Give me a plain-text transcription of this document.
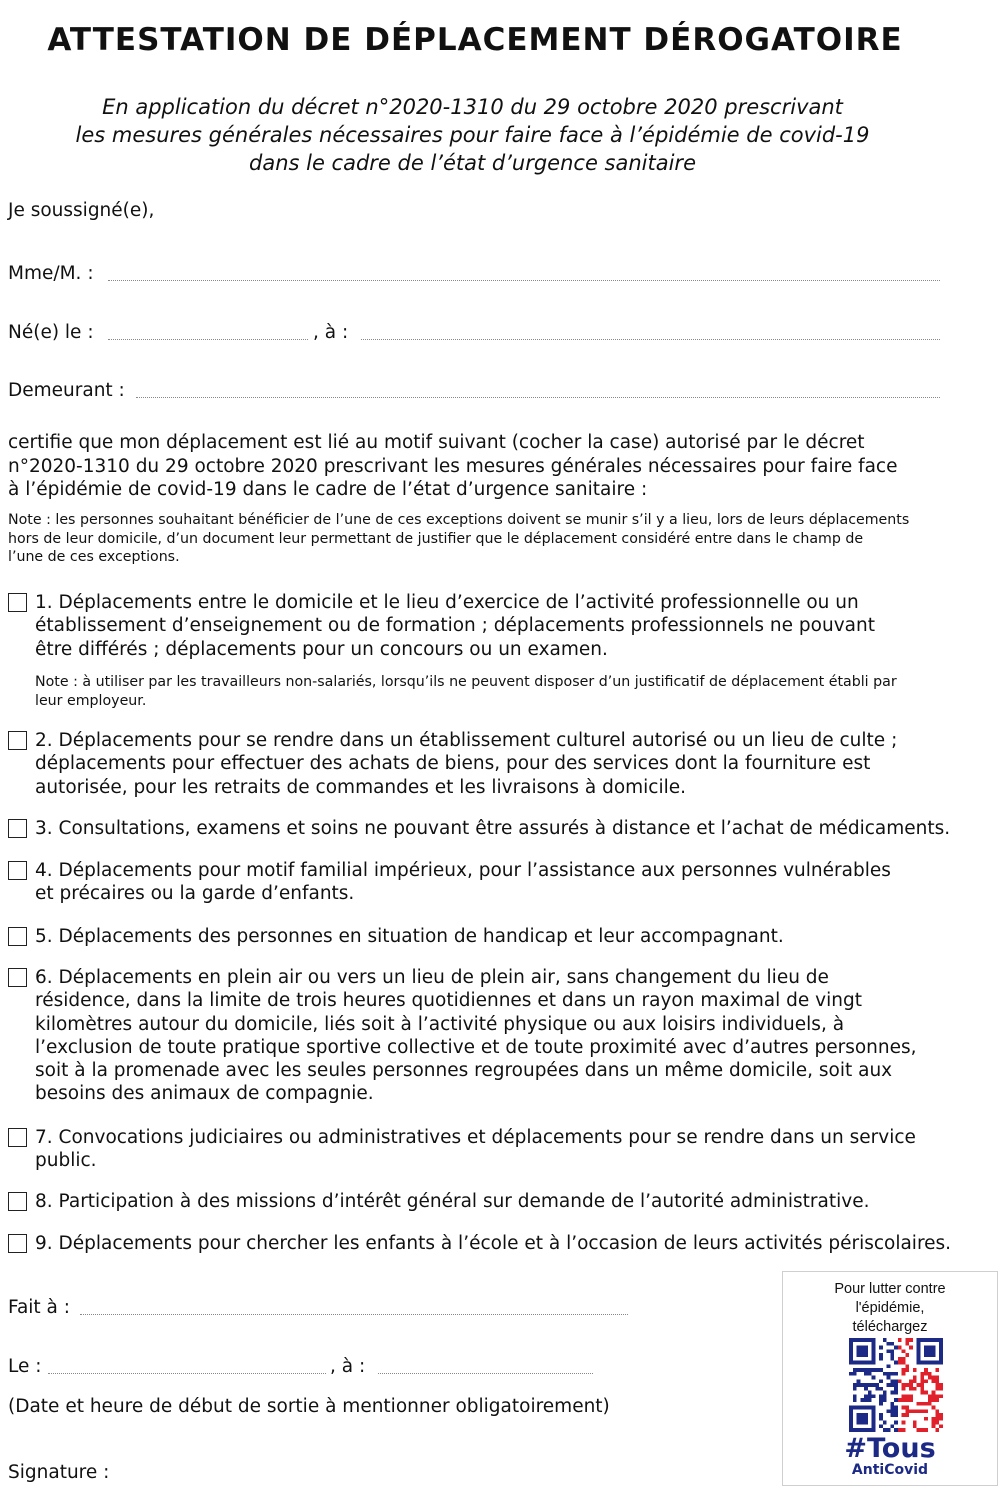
ATTESTATION DE DÉPLACEMENT DÉROGATOIRE
En application du décret n°2020-1310 du 29 octobre 2020 prescrivant
les mesures générales nécessaires pour faire face à l’épidémie de covid-19
dans le cadre de l’état d’urgence sanitaire
Je soussigné(e),
Mme/M. :
Né(e) le :	, à :
Demeurant :
certifie que mon déplacement est lié au motif suivant (cocher la case) autorisé par le décret
n°2020-1310 du 29 octobre 2020 prescrivant les mesures générales nécessaires pour faire face
à l’épidémie de covid-19 dans le cadre de l’état d’urgence sanitaire :
Note : les personnes souhaitant bénéficier de l’une de ces exceptions doivent se munir s’il y a lieu, lors de leurs déplacements
hors de leur domicile, d’un document leur permettant de justifier que le déplacement considéré entre dans le champ de
l’une de ces exceptions.
1. Déplacements entre le domicile et le lieu d’exercice de l’activité professionnelle ou un
établissement d’enseignement ou de formation ; déplacements professionnels ne pouvant
être différés ; déplacements pour un concours ou un examen.
Note : à utiliser par les travailleurs non-salariés, lorsqu’ils ne peuvent disposer d’un justificatif de déplacement établi par
leur employeur.
2. Déplacements pour se rendre dans un établissement culturel autorisé ou un lieu de culte ;
déplacements pour effectuer des achats de biens, pour des services dont la fourniture est
autorisée, pour les retraits de commandes et les livraisons à domicile.
3. Consultations, examens et soins ne pouvant être assurés à distance et l’achat de médicaments.
4. Déplacements pour motif familial impérieux, pour l’assistance aux personnes vulnérables
et précaires ou la garde d’enfants.
5. Déplacements des personnes en situation de handicap et leur accompagnant.
6. Déplacements en plein air ou vers un lieu de plein air, sans changement du lieu de
résidence, dans la limite de trois heures quotidiennes et dans un rayon maximal de vingt
kilomètres autour du domicile, liés soit à l’activité physique ou aux loisirs individuels, à
l’exclusion de toute pratique sportive collective et de toute proximité avec d’autres personnes,
soit à la promenade avec les seules personnes regroupées dans un même domicile, soit aux
besoins des animaux de compagnie.
7. Convocations judiciaires ou administratives et déplacements pour se rendre dans un service
public.
8. Participation à des missions d’intérêt général sur demande de l’autorité administrative.
9. Déplacements pour chercher les enfants à l’école et à l’occasion de leurs activités périscolaires.
Fait à :
Le :	, à :
(Date et heure de début de sortie à mentionner obligatoirement)
Signature :
Pour lutter contre
l'épidémie,
téléchargez
#Tous
AntiCovid
